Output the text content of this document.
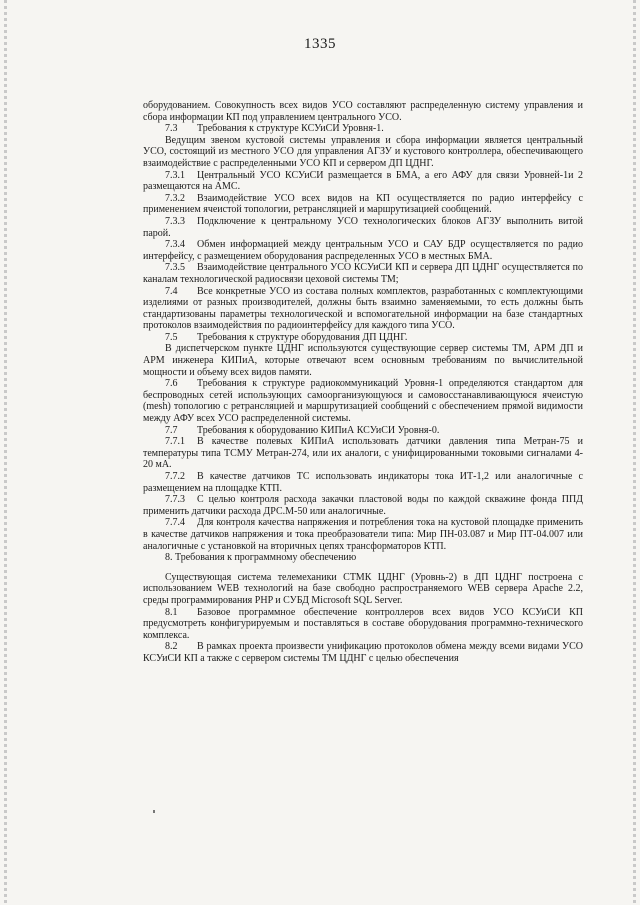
1335

оборудованием. Совокупность всех видов УСО составляют распределенную систему управления и сбора информации КП под управлением центрального УСО.

7.3 Требования к структуре КСУиСИ Уровня-1.

Ведущим звеном кустовой системы управления и сбора информации является центральный УСО, состоящий из местного УСО для управления АГЗУ и кустового контроллера, обеспечивающего взаимодействие с распределенными УСО КП и сервером ДП ЦДНГ.

7.3.1 Центральный УСО КСУиСИ размещается в БМА, а его АФУ для связи Уровней-1и 2 размещаются на АМС.

7.3.2 Взаимодействие УСО всех видов на КП осуществляется по радио интерфейсу с применением ячеистой топологии, ретрансляцией и маршрутизацией сообщений.

7.3.3 Подключение к центральному УСО технологических блоков АГЗУ выполнить витой парой.

7.3.4 Обмен информацией между центральным УСО и САУ БДР осуществляется по радио интерфейсу, с размещением оборудования распределенных УСО в местных БМА.

7.3.5 Взаимодействие центрального УСО КСУиСИ КП и сервера ДП ЦДНГ осуществляется по каналам технологической радиосвязи цеховой системы ТМ;

7.4 Все конкретные УСО из состава полных комплектов, разработанных с комплектующими изделиями от разных производителей, должны быть взаимно заменяемыми, то есть должны быть стандартизованы параметры технологической и вспомогательной информации на базе стандартных протоколов взаимодействия по радиоинтерфейсу для каждого типа УСО.

7.5 Требования к структуре оборудования ДП ЦДНГ.

В диспетчерском пункте ЦДНГ используются существующие сервер системы ТМ, АРМ ДП и АРМ инженера КИПиА, которые отвечают всем основным требованиям по вычислительной мощности и объему всех видов памяти.

7.6 Требования к структуре радиокоммуникаций Уровня-1 определяются стандартом для беспроводных сетей использующих самоорганизующуюся и самовосстанавливающуюся ячеистую (mesh) топологию с ретрансляцией и маршрутизацией сообщений с обеспечением прямой видимости между АФУ всех УСО распределенной системы.

7.7 Требования к оборудованию КИПиА КСУиСИ Уровня-0.

7.7.1 В качестве полевых КИПиА использовать датчики давления типа Метран-75 и температуры типа ТСМУ Метран-274, или их аналоги, с унифицированными токовыми сигналами 4-20 мА.

7.7.2 В качестве датчиков ТС использовать индикаторы тока ИТ-1,2 или аналогичные с размещением на площадке КТП.

7.7.3 С целью контроля расхода закачки пластовой воды по каждой скважине фонда ППД применить датчики расхода ДРС.М-50 или аналогичные.

7.7.4 Для контроля качества напряжения и потребления тока на кустовой площадке применить в качестве датчиков напряжения и тока преобразователи типа: Мир ПН-03.087 и Мир ПТ-04.007 или аналогичные с установкой на вторичных цепях трансформаторов КТП.

8. Требования к программному обеспечению

Существующая система телемеханики СТМК ЦДНГ (Уровнь-2) в ДП ЦДНГ построена с использованием WEB технологий на базе свободно распространяемого WEB сервера Apache 2.2, среды программирования PHP и СУБД Microsoft SQL Server.

8.1 Базовое программное обеспечение контроллеров всех видов УСО КСУиСИ КП предусмотреть конфигурируемым и поставляться в составе оборудования программно-технического комплекса.

8.2 В рамках проекта произвести унификацию протоколов обмена между всеми видами УСО КСУиСИ КП а также с сервером системы ТМ ЦДНГ с целью обеспечения
